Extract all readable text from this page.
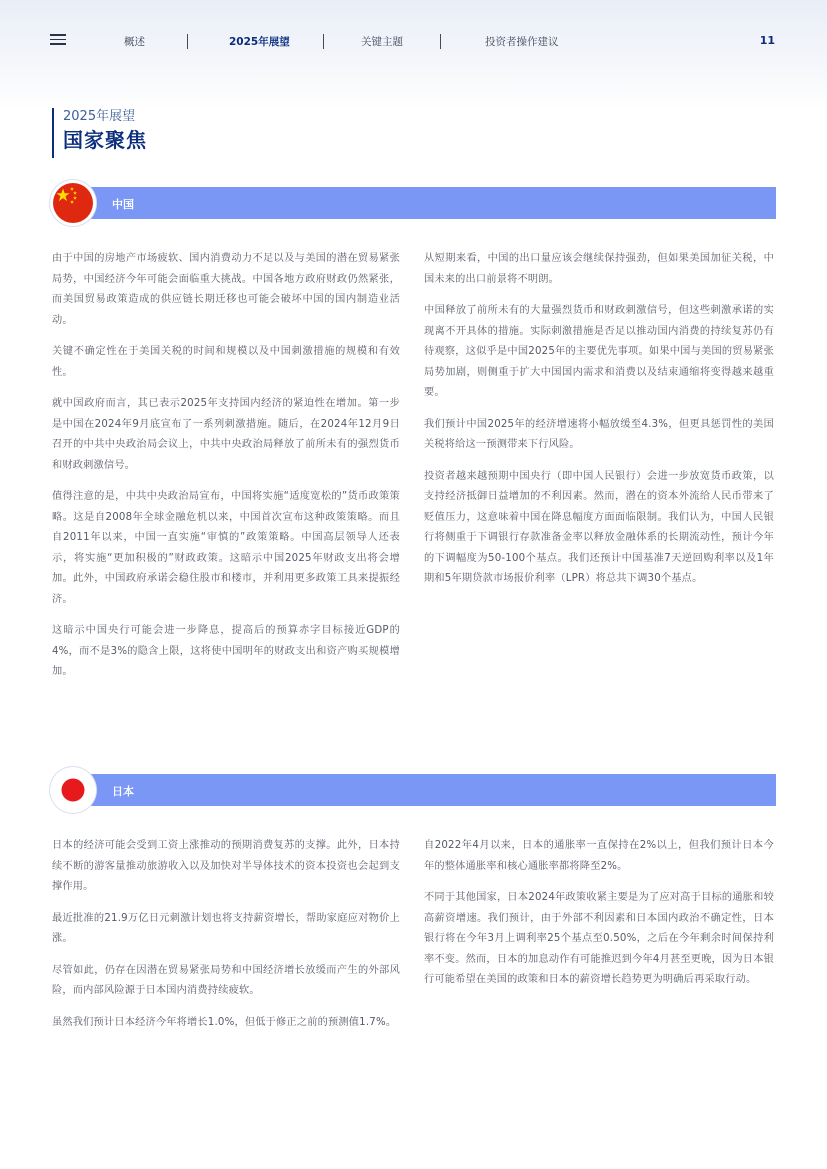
概述	2025年展望	关键主题	投资者操作建议	11
2025年展望
国家聚焦
中国

由于中国的房地产市场疲软、国内消费动力不足以及与美国的潜在贸易紧张局势，中国经济今年可能会面临重大挑战。中国各地方政府财政仍然紧张，而美国贸易政策造成的供应链长期迁移也可能会破坏中国的国内制造业活动。

关键不确定性在于美国关税的时间和规模以及中国刺激措施的规模和有效性。

就中国政府而言，其已表示2025年支持国内经济的紧迫性在增加。第一步是中国在2024年9月底宣布了一系列刺激措施。随后，在2024年12月9日召开的中共中央政治局会议上，中共中央政治局释放了前所未有的强烈货币和财政刺激信号。

值得注意的是，中共中央政治局宣布，中国将实施“适度宽松的”货币政策策略。这是自2008年全球金融危机以来，中国首次宣布这种政策策略。而且自2011年以来，中国一直实施“审慎的”政策策略。中国高层领导人还表示，将实施“更加积极的”财政政策。这暗示中国2025年财政支出将会增加。此外，中国政府承诺会稳住股市和楼市，并利用更多政策工具来提振经济。

这暗示中国央行可能会进一步降息，提高后的预算赤字目标接近GDP的4%，而不是3%的隐含上限，这将使中国明年的财政支出和资产购买规模增加。

从短期来看，中国的出口量应该会继续保持强劲，但如果美国加征关税，中国未来的出口前景将不明朗。

中国释放了前所未有的大量强烈货币和财政刺激信号，但这些刺激承诺的实现离不开具体的措施。实际刺激措施是否足以推动国内消费的持续复苏仍有待观察，这似乎是中国2025年的主要优先事项。如果中国与美国的贸易紧张局势加剧，则侧重于扩大中国国内需求和消费以及结束通缩将变得越来越重要。

我们预计中国2025年的经济增速将小幅放缓至4.3%，但更具惩罚性的美国关税将给这一预测带来下行风险。

投资者越来越预期中国央行（即中国人民银行）会进一步放宽货币政策，以支持经济抵御日益增加的不利因素。然而，潜在的资本外流给人民币带来了贬值压力，这意味着中国在降息幅度方面面临限制。我们认为，中国人民银行将侧重于下调银行存款准备金率以释放金融体系的长期流动性，预计今年的下调幅度为50-100个基点。我们还预计中国基准7天逆回购利率以及1年期和5年期贷款市场报价利率（LPR）将总共下调30个基点。

日本

日本的经济可能会受到工资上涨推动的预期消费复苏的支撑。此外，日本持续不断的游客量推动旅游收入以及加快对半导体技术的资本投资也会起到支撑作用。

最近批准的21.9万亿日元刺激计划也将支持薪资增长，帮助家庭应对物价上涨。

尽管如此，仍存在因潜在贸易紧张局势和中国经济增长放缓而产生的外部风险，而内部风险源于日本国内消费持续疲软。

虽然我们预计日本经济今年将增长1.0%，但低于修正之前的预测值1.7%。

自2022年4月以来，日本的通胀率一直保持在2%以上，但我们预计日本今年的整体通胀率和核心通胀率都将降至2%。

不同于其他国家，日本2024年政策收紧主要是为了应对高于目标的通胀和较高薪资增速。我们预计，由于外部不利因素和日本国内政治不确定性，日本银行将在今年3月上调利率25个基点至0.50%，之后在今年剩余时间保持利率不变。然而，日本的加息动作有可能推迟到今年4月甚至更晚，因为日本银行可能希望在美国的政策和日本的薪资增长趋势更为明确后再采取行动。
